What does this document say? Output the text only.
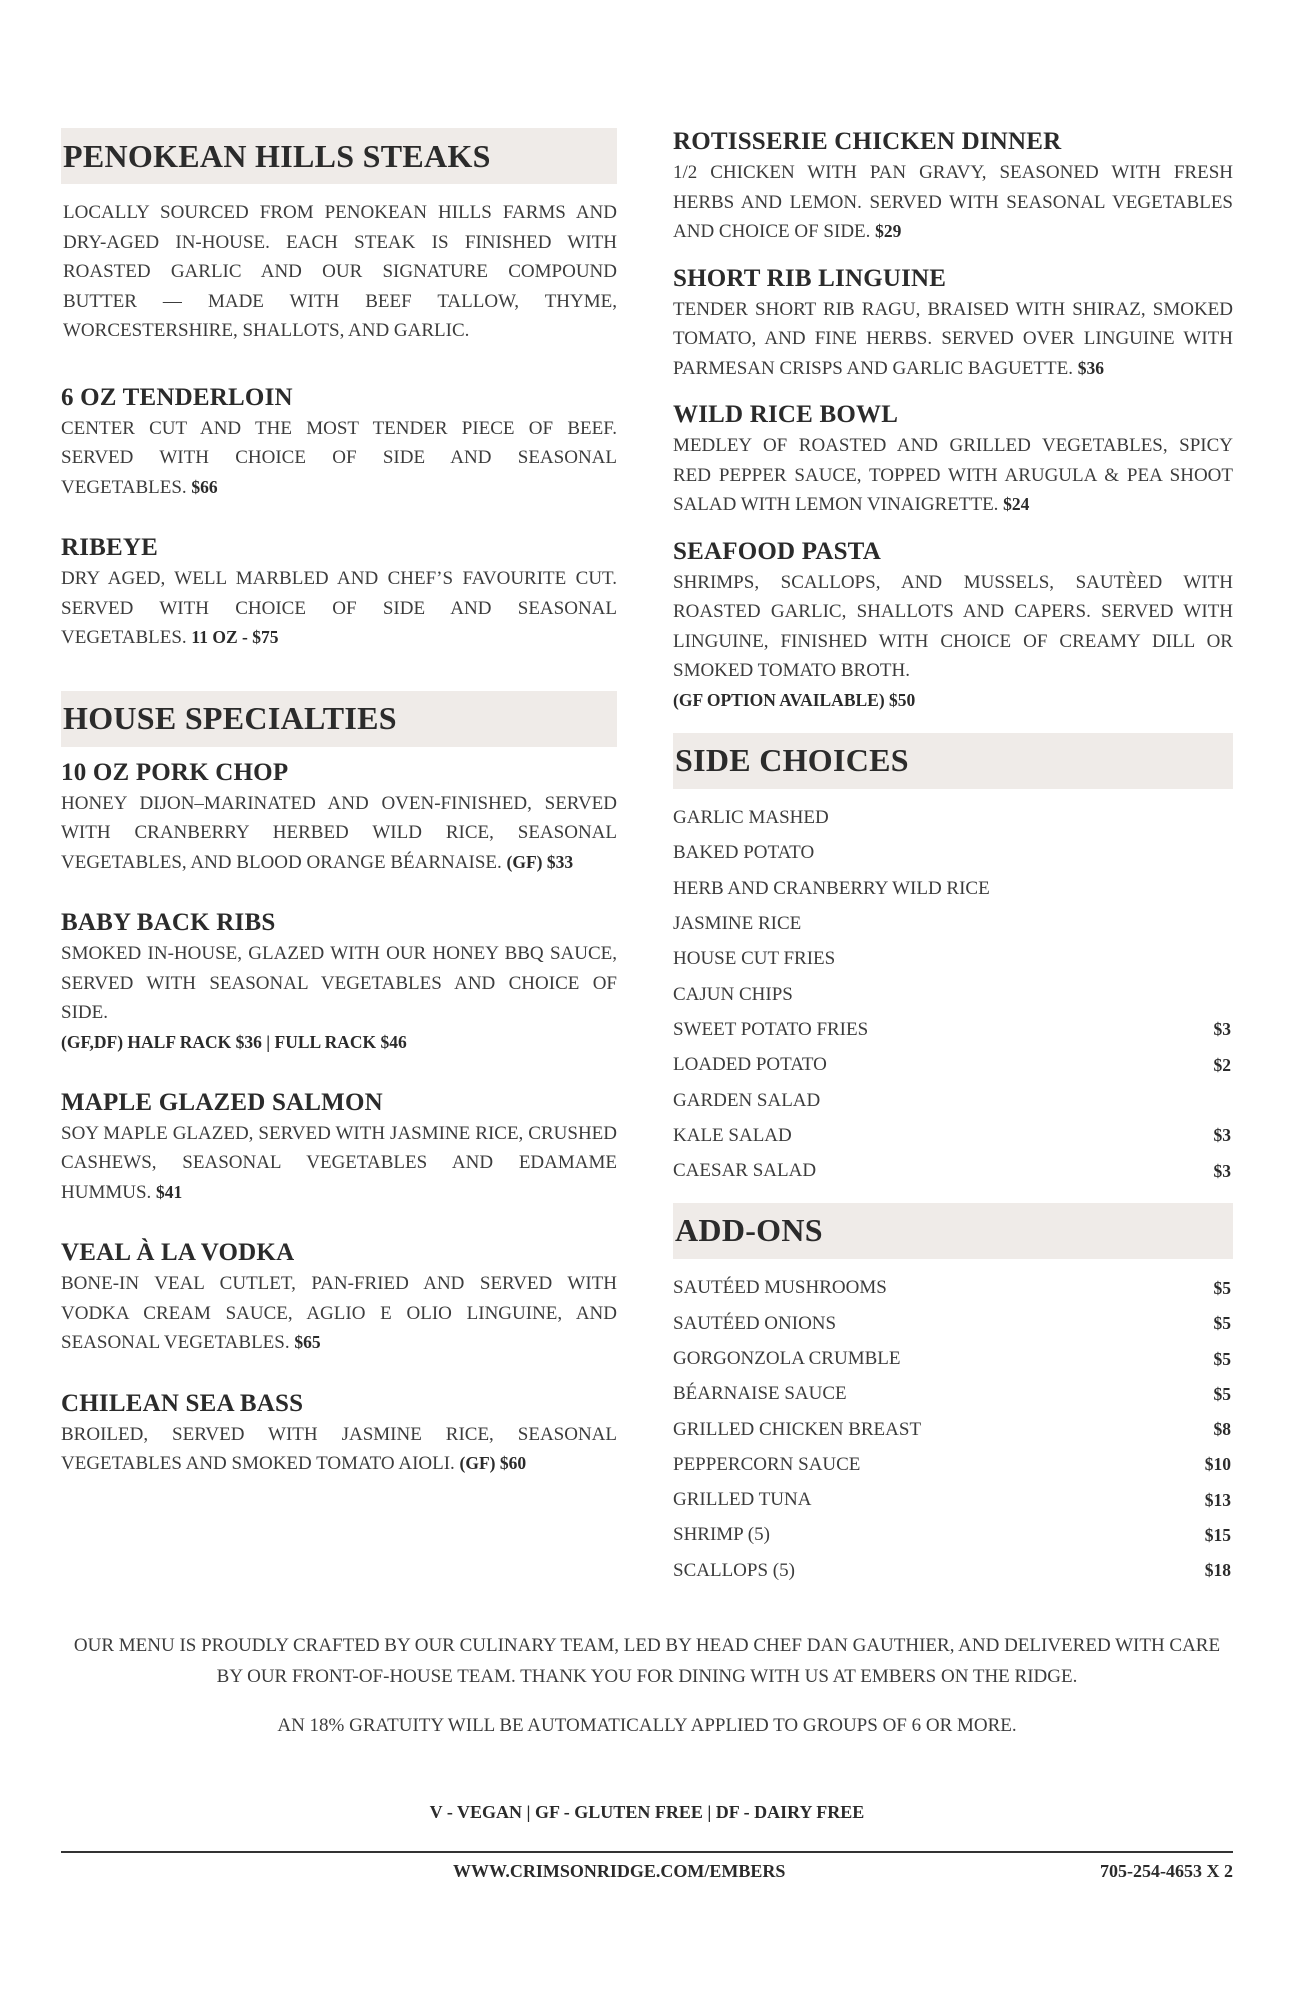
PENOKEAN HILLS STEAKS
LOCALLY SOURCED FROM PENOKEAN HILLS FARMS AND DRY-AGED IN-HOUSE. EACH STEAK IS FINISHED WITH ROASTED GARLIC AND OUR SIGNATURE COMPOUND BUTTER — MADE WITH BEEF TALLOW, THYME, WORCESTERSHIRE, SHALLOTS, AND GARLIC.
6 OZ TENDERLOIN

CENTER CUT AND THE MOST TENDER PIECE OF BEEF. SERVED WITH CHOICE OF SIDE AND SEASONAL VEGETABLES. $66

RIBEYE

DRY AGED, WELL MARBLED AND CHEF’S FAVOURITE CUT. SERVED WITH CHOICE OF SIDE AND SEASONAL VEGETABLES. 11 OZ - $75

HOUSE SPECIALTIES
10 OZ PORK CHOP

HONEY DIJON–MARINATED AND OVEN-FINISHED, SERVED WITH CRANBERRY HERBED WILD RICE, SEASONAL VEGETABLES, AND BLOOD ORANGE BÉARNAISE. (GF) $33

BABY BACK RIBS

SMOKED IN-HOUSE, GLAZED WITH OUR HONEY BBQ SAUCE, SERVED WITH SEASONAL VEGETABLES AND CHOICE OF SIDE.

(GF,DF) HALF RACK $36 | FULL RACK $46
MAPLE GLAZED SALMON

SOY MAPLE GLAZED, SERVED WITH JASMINE RICE, CRUSHED CASHEWS, SEASONAL VEGETABLES AND EDAMAME HUMMUS. $41

VEAL À LA VODKA

BONE-IN VEAL CUTLET, PAN-FRIED AND SERVED WITH VODKA CREAM SAUCE, AGLIO E OLIO LINGUINE, AND SEASONAL VEGETABLES. $65

CHILEAN SEA BASS

BROILED, SERVED WITH JASMINE RICE, SEASONAL VEGETABLES AND SMOKED TOMATO AIOLI. (GF) $60

ROTISSERIE CHICKEN DINNER

1/2 CHICKEN WITH PAN GRAVY, SEASONED WITH FRESH HERBS AND LEMON. SERVED WITH SEASONAL VEGETABLES AND CHOICE OF SIDE. $29

SHORT RIB LINGUINE

TENDER SHORT RIB RAGU, BRAISED WITH SHIRAZ, SMOKED TOMATO, AND FINE HERBS. SERVED OVER LINGUINE WITH PARMESAN CRISPS AND GARLIC BAGUETTE. $36

WILD RICE BOWL

MEDLEY OF ROASTED AND GRILLED VEGETABLES, SPICY RED PEPPER SAUCE, TOPPED WITH ARUGULA & PEA SHOOT SALAD WITH LEMON VINAIGRETTE. $24

SEAFOOD PASTA

SHRIMPS, SCALLOPS, AND MUSSELS, SAUTÈED WITH ROASTED GARLIC, SHALLOTS AND CAPERS. SERVED WITH LINGUINE, FINISHED WITH CHOICE OF CREAMY DILL OR SMOKED TOMATO BROTH.

(GF OPTION AVAILABLE) $50
SIDE CHOICES
GARLIC MASHED
BAKED POTATO
HERB AND CRANBERRY WILD RICE
JASMINE RICE
HOUSE CUT FRIES
CAJUN CHIPS
SWEET POTATO FRIES	$3
LOADED POTATO	$2
GARDEN SALAD
KALE SALAD	$3
CAESAR SALAD	$3
ADD-ONS
SAUTÉED MUSHROOMS	$5
SAUTÉED ONIONS	$5
GORGONZOLA CRUMBLE	$5
BÉARNAISE SAUCE	$5
GRILLED CHICKEN BREAST	$8
PEPPERCORN SAUCE	$10
GRILLED TUNA	$13
SHRIMP (5)	$15
SCALLOPS (5)	$18
OUR MENU IS PROUDLY CRAFTED BY OUR CULINARY TEAM, LED BY HEAD CHEF DAN GAUTHIER, AND DELIVERED WITH CARE BY OUR FRONT-OF-HOUSE TEAM. THANK YOU FOR DINING WITH US AT EMBERS ON THE RIDGE.
AN 18% GRATUITY WILL BE AUTOMATICALLY APPLIED TO GROUPS OF 6 OR MORE.
V - VEGAN | GF - GLUTEN FREE | DF - DAIRY FREE
WWW.CRIMSONRIDGE.COM/EMBERS	705-254-4653 X 2
